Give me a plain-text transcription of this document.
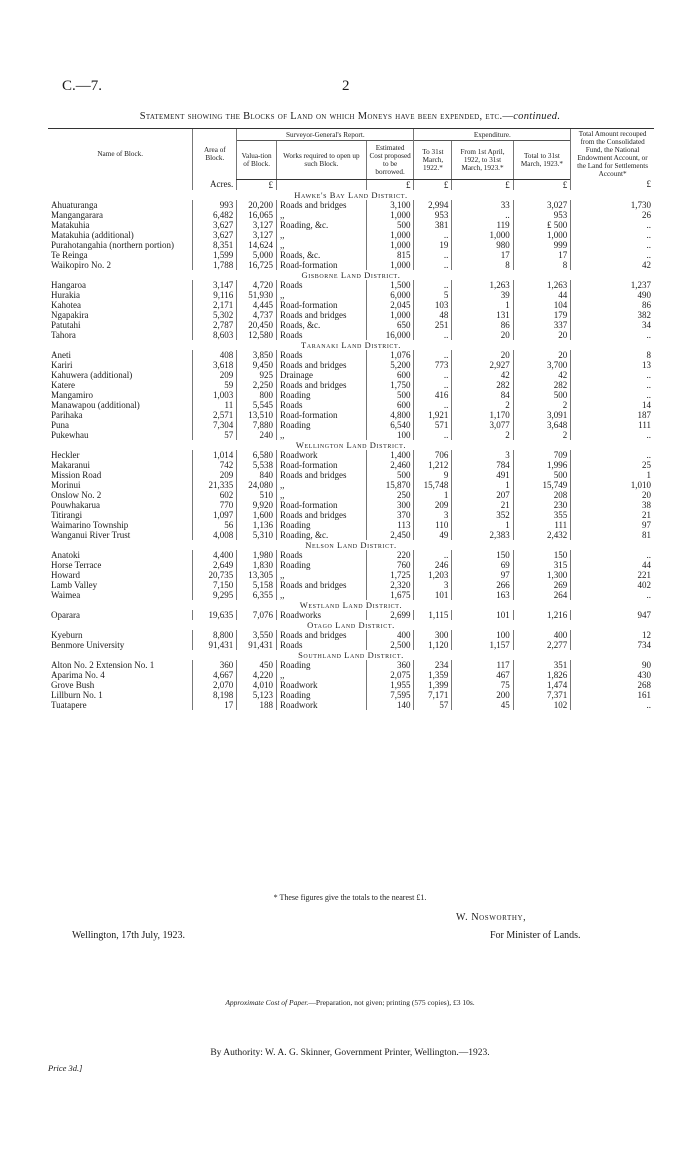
C.—7.	2
Statement showing the Blocks of Land on which Moneys have been expended, etc.—continued.
Name of Block.	Area of Block.	Surveyor-General's Report.			Expenditure.			Total Amount recouped from the Consolidated Fund, the National Endowment Account, or the Land for Settlements Account*
		Valua-tion of Block.	Works required to open up such Block.	Estimated Cost proposed to be borrowed.	To 31st March, 1922.*	From 1st April, 1922, to 31st March, 1923.*	Total to 31st March, 1923.*	
	Acres.	£		£	£	£	£	£
Hawke's Bay Land District.								
Ahuaturanga	993	20,200	Roads and bridges	3,100	2,994	33	3,027	1,730
Mangangarara	6,482	16,065	,,	1,000	953	..	953	26
Matakuhia	3,627	3,127	Roading, &c.	500	381	119	₤ 500	..
Matakuhia (additional)	3,627	3,127	,,	1,000	..	1,000	1,000	..
Purahotangahia (northern portion)	8,351	14,624	,,	1,000	19	980	999	..
Te Reinga	1,599	5,000	Roads, &c.	815	..	17	17	..
Waikopiro No. 2	1,788	16,725	Road-formation	1,000	..	8	8	42
Gisborne Land District.								
Hangaroa	3,147	4,720	Roads	1,500	..	1,263	1,263	1,237
Hurakia	9,116	51,930	,,	6,000	5	39	44	490
Kahotea	2,171	4,445	Road-formation	2,045	103	1	104	86
Ngapakira	5,302	4,737	Roads and bridges	1,000	48	131	179	382
Patutahi	2,787	20,450	Roads, &c.	650	251	86	337	34
Tahora	8,603	12,580	Roads	16,000	..	20	20	..
Taranaki Land District.								
Aneti	408	3,850	Roads	1,076	..	20	20	8
Kariri	3,618	9,450	Roads and bridges	5,200	773	2,927	3,700	13
Kahuwera (additional)	209	925	Drainage	600	..	42	42	..
Katere	59	2,250	Roads and bridges	1,750	..	282	282	..
Mangamiro	1,003	800	Roading	500	416	84	500	..
Manawapou (additional)	11	5,545	Roads	600	..	2	2	14
Parihaka	2,571	13,510	Road-formation	4,800	1,921	1,170	3,091	187
Puna	7,304	7,880	Roading	6,540	571	3,077	3,648	111
Pukewhau	57	240	,,	100	..	2	2	..
Wellington Land District.								
Heckler	1,014	6,580	Roadwork	1,400	706	3	709	..
Makaranui	742	5,538	Road-formation	2,460	1,212	784	1,996	25
Mission Road	209	840	Roads and bridges	500	9	491	500	1
Morinui	21,335	24,080	,,	15,870	15,748	1	15,749	1,010
Onslow No. 2	602	510	,,	250	1	207	208	20
Pouwhakarua	770	9,920	Road-formation	300	209	21	230	38
Titirangi	1,097	1,600	Roads and bridges	370	3	352	355	21
Waimarino Township	56	1,136	Roading	113	110	1	111	97
Wanganui River Trust	4,008	5,310	Roading, &c.	2,450	49	2,383	2,432	81
Nelson Land District.								
Anatoki	4,400	1,980	Roads	220	..	150	150	..
Horse Terrace	2,649	1,830	Roading	760	246	69	315	44
Howard	20,735	13,305	,,	1,725	1,203	97	1,300	221
Lamb Valley	7,150	5,158	Roads and bridges	2,320	3	266	269	402
Waimea	9,295	6,355	,,	1,675	101	163	264	..
Westland Land District.								
Oparara	19,635	7,076	Roadworks	2,699	1,115	101	1,216	947
Otago Land District.								
Kyeburn	8,800	3,550	Roads and bridges	400	300	100	400	12
Benmore University	91,431	91,431	Roads	2,500	1,120	1,157	2,277	734
Southland Land District.								
Alton No. 2 Extension No. 1	360	450	Roading	360	234	117	351	90
Aparima No. 4	4,667	4,220	,,	2,075	1,359	467	1,826	430
Grove Bush	2,070	4,010	Roadwork	1,955	1,399	75	1,474	268
Lillburn No. 1	8,198	5,123	Roading	7,595	7,171	200	7,371	161
Tuatapere	17	188	Roadwork	140	57	45	102	..
* These figures give the totals to the nearest £1.
W. Nosworthy,
For Minister of Lands.
Wellington, 17th July, 1923.
Approximate Cost of Paper.—Preparation, not given; printing (575 copies), £3 10s.
By Authority: W. A. G. Skinner, Government Printer, Wellington.—1923.
Price 3d.]
